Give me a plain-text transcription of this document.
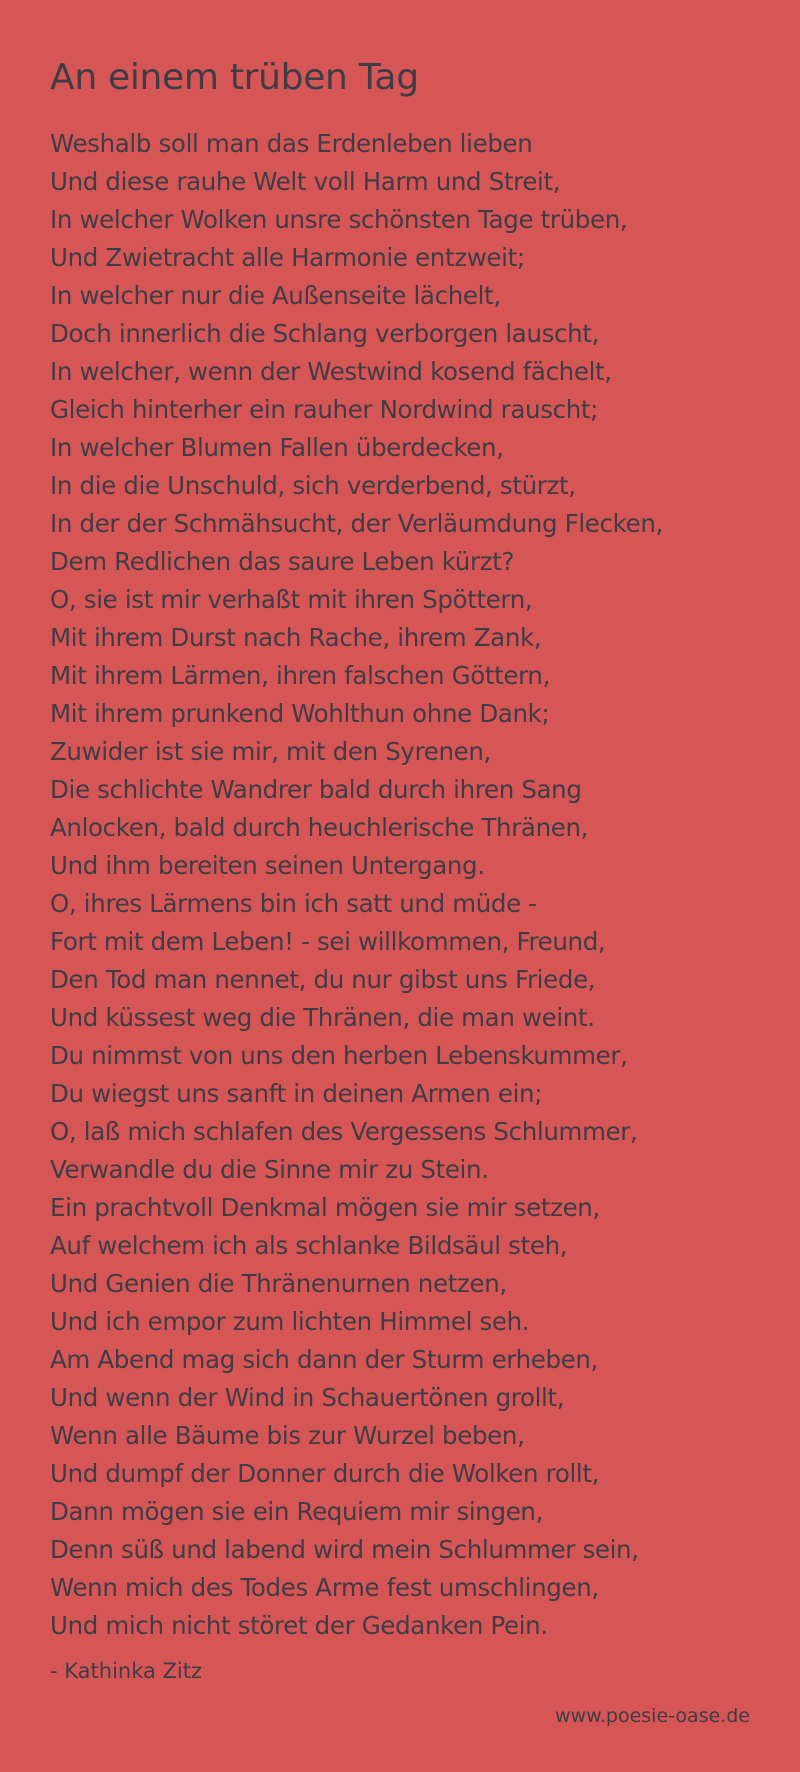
An einem trüben Tag
Weshalb soll man das Erdenleben lieben
Und diese rauhe Welt voll Harm und Streit,
In welcher Wolken unsre schönsten Tage trüben,
Und Zwietracht alle Harmonie entzweit;
In welcher nur die Außenseite lächelt,
Doch innerlich die Schlang verborgen lauscht,
In welcher, wenn der Westwind kosend fächelt,
Gleich hinterher ein rauher Nordwind rauscht;
In welcher Blumen Fallen überdecken,
In die die Unschuld, sich verderbend, stürzt,
In der der Schmähsucht, der Verläumdung Flecken,
Dem Redlichen das saure Leben kürzt?
O, sie ist mir verhaßt mit ihren Spöttern,
Mit ihrem Durst nach Rache, ihrem Zank,
Mit ihrem Lärmen, ihren falschen Göttern,
Mit ihrem prunkend Wohlthun ohne Dank;
Zuwider ist sie mir, mit den Syrenen,
Die schlichte Wandrer bald durch ihren Sang
Anlocken, bald durch heuchlerische Thränen,
Und ihm bereiten seinen Untergang.
O, ihres Lärmens bin ich satt und müde -
Fort mit dem Leben! - sei willkommen, Freund,
Den Tod man nennet, du nur gibst uns Friede,
Und küssest weg die Thränen, die man weint.
Du nimmst von uns den herben Lebenskummer,
Du wiegst uns sanft in deinen Armen ein;
O, laß mich schlafen des Vergessens Schlummer,
Verwandle du die Sinne mir zu Stein.
Ein prachtvoll Denkmal mögen sie mir setzen,
Auf welchem ich als schlanke Bildsäul steh,
Und Genien die Thränenurnen netzen,
Und ich empor zum lichten Himmel seh.
Am Abend mag sich dann der Sturm erheben,
Und wenn der Wind in Schauertönen grollt,
Wenn alle Bäume bis zur Wurzel beben,
Und dumpf der Donner durch die Wolken rollt,
Dann mögen sie ein Requiem mir singen,
Denn süß und labend wird mein Schlummer sein,
Wenn mich des Todes Arme fest umschlingen,
Und mich nicht störet der Gedanken Pein.
- Kathinka Zitz
www.poesie-oase.de
